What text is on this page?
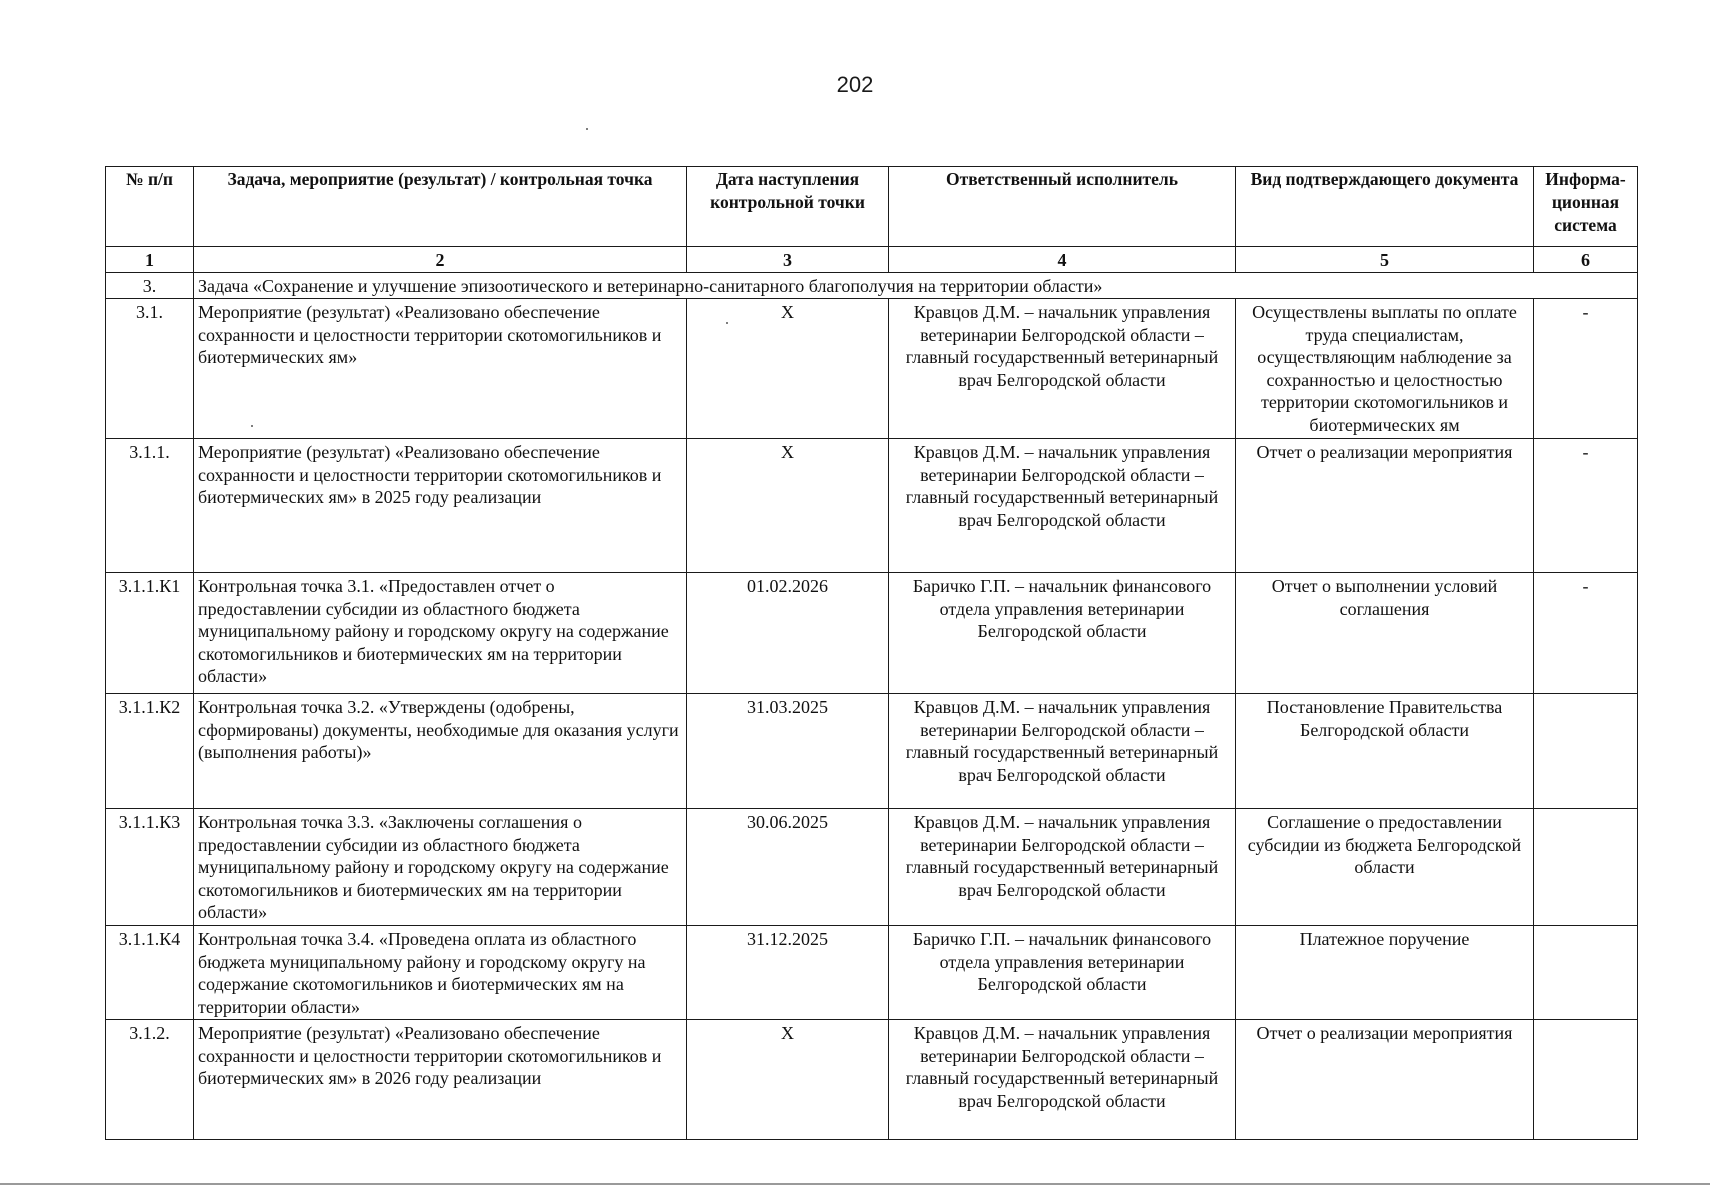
202
№ п/п	Задача, мероприятие (результат) / контрольная точка	Дата наступления контрольной точки	Ответственный исполнитель	Вид подтверждающего документа	Информа-ционная система
1	2	3	4	5	6
3.	Задача «Сохранение и улучшение эпизоотического и ветеринарно-санитарного благополучия на территории области»				
3.1.	Мероприятие (результат) «Реализовано обеспечение сохранности и целостности территории скотомогильников и биотермических ям»	X	Кравцов Д.М. – начальник управления ветеринарии Белгородской области – главный государственный ветеринарный врач Белгородской области	Осуществлены выплаты по оплате труда специалистам, осуществляющим наблюдение за сохранностью и целостностью территории скотомогильников и биотермических ям	-
3.1.1.	Мероприятие (результат) «Реализовано обеспечение сохранности и целостности территории скотомогильников и биотермических ям» в 2025 году реализации	X	Кравцов Д.М. – начальник управления ветеринарии Белгородской области – главный государственный ветеринарный врач Белгородской области	Отчет о реализации мероприятия	-
3.1.1.К1	Контрольная точка 3.1. «Предоставлен отчет о предоставлении субсидии из областного бюджета муниципальному району и городскому округу на содержание скотомогильников и биотермических ям на территории области»	01.02.2026	Баричко Г.П. – начальник финансового отдела управления ветеринарии Белгородской области	Отчет о выполнении условий соглашения	-
3.1.1.К2	Контрольная точка 3.2. «Утверждены (одобрены, сформированы) документы, необходимые для оказания услуги (выполнения работы)»	31.03.2025	Кравцов Д.М. – начальник управления ветеринарии Белгородской области – главный государственный ветеринарный врач Белгородской области	Постановление Правительства Белгородской области	
3.1.1.К3	Контрольная точка 3.3. «Заключены соглашения о предоставлении субсидии из областного бюджета муниципальному району и городскому округу на содержание скотомогильников и биотермических ям на территории области»	30.06.2025	Кравцов Д.М. – начальник управления ветеринарии Белгородской области – главный государственный ветеринарный врач Белгородской области	Соглашение о предоставлении субсидии из бюджета Белгородской области	
3.1.1.К4	Контрольная точка 3.4. «Проведена оплата из областного бюджета муниципальному району и городскому округу на содержание скотомогильников и биотермических ям на территории области»	31.12.2025	Баричко Г.П. – начальник финансового отдела управления ветеринарии Белгородской области	Платежное поручение	
3.1.2.	Мероприятие (результат) «Реализовано обеспечение сохранности и целостности территории скотомогильников и биотермических ям» в 2026 году реализации	X	Кравцов Д.М. – начальник управления ветеринарии Белгородской области – главный государственный ветеринарный врач Белгородской области	Отчет о реализации мероприятия	
